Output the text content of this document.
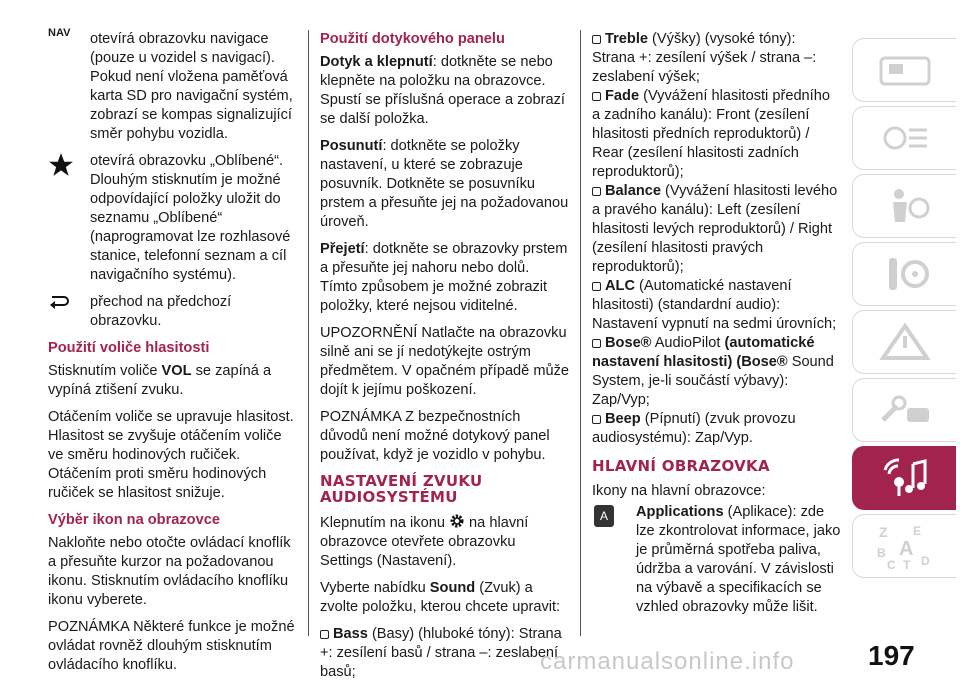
NAV	otevírá obrazovku navigace (pouze u vozidel s navigací). Pokud není vložena paměťová karta SD pro navigační systém, zobrazí se kompas signalizující směr pohybu vozidla.

otevírá obrazovku „Oblíbené“. Dlouhým stisknutím je možné odpovídající položky uložit do seznamu „Oblíbené“ (naprogramovat lze rozhlasové stanice, telefonní seznam a cíl navigačního systému).

přechod na předchozí obrazovku.

Použití voliče hlasitosti

Stisknutím voliče VOL se zapíná a vypíná ztišení zvuku.

Otáčením voliče se upravuje hlasitost. Hlasitost se zvyšuje otáčením voliče ve směru hodinových ručiček. Otáčením proti směru hodinových ručiček se hlasitost snižuje.

Výběr ikon na obrazovce

Nakloňte nebo otočte ovládací knoflík a přesuňte kurzor na požadovanou ikonu. Stisknutím ovládacího knoflíku ikonu vyberete.

POZNÁMKA Některé funkce je možné ovládat rovněž dlouhým stisknutím ovládacího knoflíku.

Použití dotykového panelu

Dotyk a klepnutí: dotkněte se nebo klepněte na položku na obrazovce. Spustí se příslušná operace a zobrazí se další položka.

Posunutí: dotkněte se položky nastavení, u které se zobrazuje posuvník. Dotkněte se posuvníku prstem a přesuňte jej na požadovanou úroveň.

Přejetí: dotkněte se obrazovky prstem a přesuňte jej nahoru nebo dolů. Tímto způsobem je možné zobrazit položky, které nejsou viditelné.

UPOZORNĚNÍ Natlačte na obrazovku silně ani se jí nedotýkejte ostrým předmětem. V opačném případě může dojít k jejímu poškození.

POZNÁMKA Z bezpečnostních důvodů není možné dotykový panel používat, když je vozidlo v pohybu.

NASTAVENÍ ZVUKU AUDIOSYSTÉMU

Klepnutím na ikonu  na hlavní obrazovce otevřete obrazovku Settings (Nastavení).

Vyberte nabídku Sound (Zvuk) a zvolte položku, kterou chcete upravit:

Bass (Basy) (hluboké tóny): Strana +: zesílení basů / strana –: zeslabení basů;

Treble (Výšky) (vysoké tóny): Strana +: zesílení výšek / strana –: zeslabení výšek;

Fade (Vyvážení hlasitosti předního a zadního kanálu): Front (zesílení hlasitosti předních reproduktorů) / Rear (zesílení hlasitosti zadních reproduktorů);

Balance (Vyvážení hlasitosti levého a pravého kanálu): Left (zesílení hlasitosti levých reproduktorů) / Right (zesílení hlasitosti pravých reproduktorů);

ALC (Automatické nastavení hlasitosti) (standardní audio): Nastavení vypnutí na sedmi úrovních;

Bose® AudioPilot (automatické nastavení hlasitosti) (Bose® Sound System, je-li součástí výbavy): Zap/Vyp;

Beep (Pípnutí) (zvuk provozu audiosystému): Zap/Vyp.

HLAVNÍ OBRAZOVKA

Ikony na hlavní obrazovce:

A	Applications (Aplikace): zde lze zkontrolovat informace, jako je průměrná spotřeba paliva, údržba a varování. V závislosti na výbavě a specifikacích se vzhled obrazovky může lišit.

Z E
B A
C T D
carmanualsonline.info	197
